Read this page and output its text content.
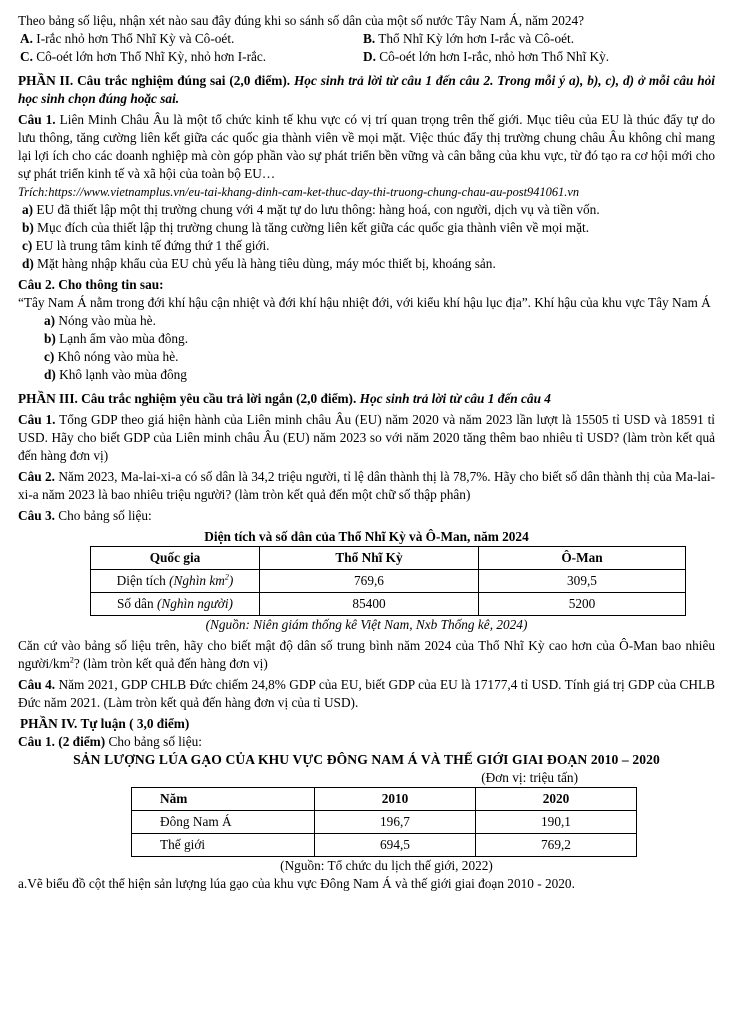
Theo bảng số liệu, nhận xét nào sau đây đúng khi so sánh số dân của một số nước Tây Nam Á, năm 2024?

A. I-rắc nhỏ hơn Thổ Nhĩ Kỳ và Cô-oét.	B. Thổ Nhĩ Kỳ lớn hơn I-rắc và Cô-oét.

C. Cô-oét lớn hơn Thổ Nhĩ Kỳ, nhỏ hơn I-rắc.	D. Cô-oét lớn hơn I-rắc, nhỏ hơn Thổ Nhĩ Kỳ.

PHẦN II. Câu trắc nghiệm đúng sai (2,0 điểm). Học sinh trả lời từ câu 1 đến câu 2. Trong mỗi ý a), b), c), d) ở mỗi câu hỏi học sinh chọn đúng hoặc sai.

Câu 1. Liên Minh Châu Âu là một tổ chức kinh tế khu vực có vị trí quan trọng trên thế giới. Mục tiêu của EU là thúc đẩy tự do lưu thông, tăng cường liên kết giữa các quốc gia thành viên về mọi mặt. Việc thúc đẩy thị trường chung châu Âu không chỉ mang lại lợi ích cho các doanh nghiệp mà còn góp phần vào sự phát triển bền vững và cân bằng của khu vực, từ đó tạo ra cơ hội mới cho sự phát triển kinh tế và xã hội của toàn bộ EU…

Trích:https://www.vietnamplus.vn/eu-tai-khang-dinh-cam-ket-thuc-day-thi-truong-chung-chau-au-post941061.vn

a) EU đã thiết lập một thị trường chung với 4 mặt tự do lưu thông: hàng hoá, con người, dịch vụ và tiền vốn.

b) Mục đích của thiết lập thị trường chung là tăng cường liên kết giữa các quốc gia thành viên về mọi mặt.

c) EU là trung tâm kinh tế đứng thứ 1 thế giới.

d) Mặt hàng nhập khẩu của EU chủ yếu là hàng tiêu dùng, máy móc thiết bị, khoáng sản.

Câu 2. Cho thông tin sau:

“Tây Nam Á nằm trong đới khí hậu cận nhiệt và đới khí hậu nhiệt đới, với kiểu khí hậu lục địa”. Khí hậu của khu vực Tây Nam Á

a) Nóng vào mùa hè.

b) Lạnh ẩm vào mùa đông.

c) Khô nóng vào mùa hè.

d) Khô lạnh vào mùa đông

PHẦN III. Câu trắc nghiệm yêu cầu trả lời ngắn (2,0 điểm). Học sinh trả lời từ câu 1 đến câu 4

Câu 1. Tổng GDP theo giá hiện hành của Liên minh châu Âu (EU) năm 2020 và năm 2023 lần lượt là 15505 tỉ USD và 18591 tỉ USD. Hãy cho biết GDP của Liên minh châu Âu (EU) năm 2023 so với năm 2020 tăng thêm bao nhiêu tỉ USD? (làm tròn kết quả đến hàng đơn vị)

Câu 2. Năm 2023, Ma-lai-xi-a có số dân là 34,2 triệu người, tỉ lệ dân thành thị là 78,7%. Hãy cho biết số dân thành thị của Ma-lai-xi-a năm 2023 là bao nhiêu triệu người? (làm tròn kết quả đến một chữ số thập phân)

Câu 3. Cho bảng số liệu:

Diện tích và số dân của Thổ Nhĩ Kỳ và Ô-Man, năm 2024

Quốc gia	Thổ Nhĩ Kỳ	Ô-Man
Diện tích (Nghìn $km^2$)	769,6	309,5
Số dân (Nghìn người)	85400	5200

(Nguồn: Niên giám thống kê Việt Nam, Nxb Thống kê, 2024)

Căn cứ vào bảng số liệu trên, hãy cho biết mật độ dân số trung bình năm 2024 của Thổ Nhĩ Kỳ cao hơn của Ô-Man bao nhiêu người/$km^2$? (làm tròn kết quả đến hàng đơn vị)

Câu 4. Năm 2021, GDP CHLB Đức chiếm 24,8% GDP của EU, biết GDP của EU là 17177,4 tỉ USD. Tính giá trị GDP của CHLB Đức năm 2021. (Làm tròn kết quả đến hàng đơn vị của tỉ USD).

PHẦN IV. Tự luận ( 3,0 điểm)

Câu 1. (2 điểm) Cho bảng số liệu:

SẢN LƯỢNG LÚA GẠO CỦA KHU VỰC ĐÔNG NAM Á VÀ THẾ GIỚI GIAI ĐOẠN 2010 – 2020

(Đơn vị: triệu tấn)

Năm	2010	2020
Đông Nam Á	196,7	190,1
Thế giới	694,5	769,2

(Nguồn: Tổ chức du lịch thế giới, 2022)

a.Vẽ biểu đồ cột thể hiện sản lượng lúa gạo của khu vực Đông Nam Á và thế giới giai đoạn 2010 - 2020.
